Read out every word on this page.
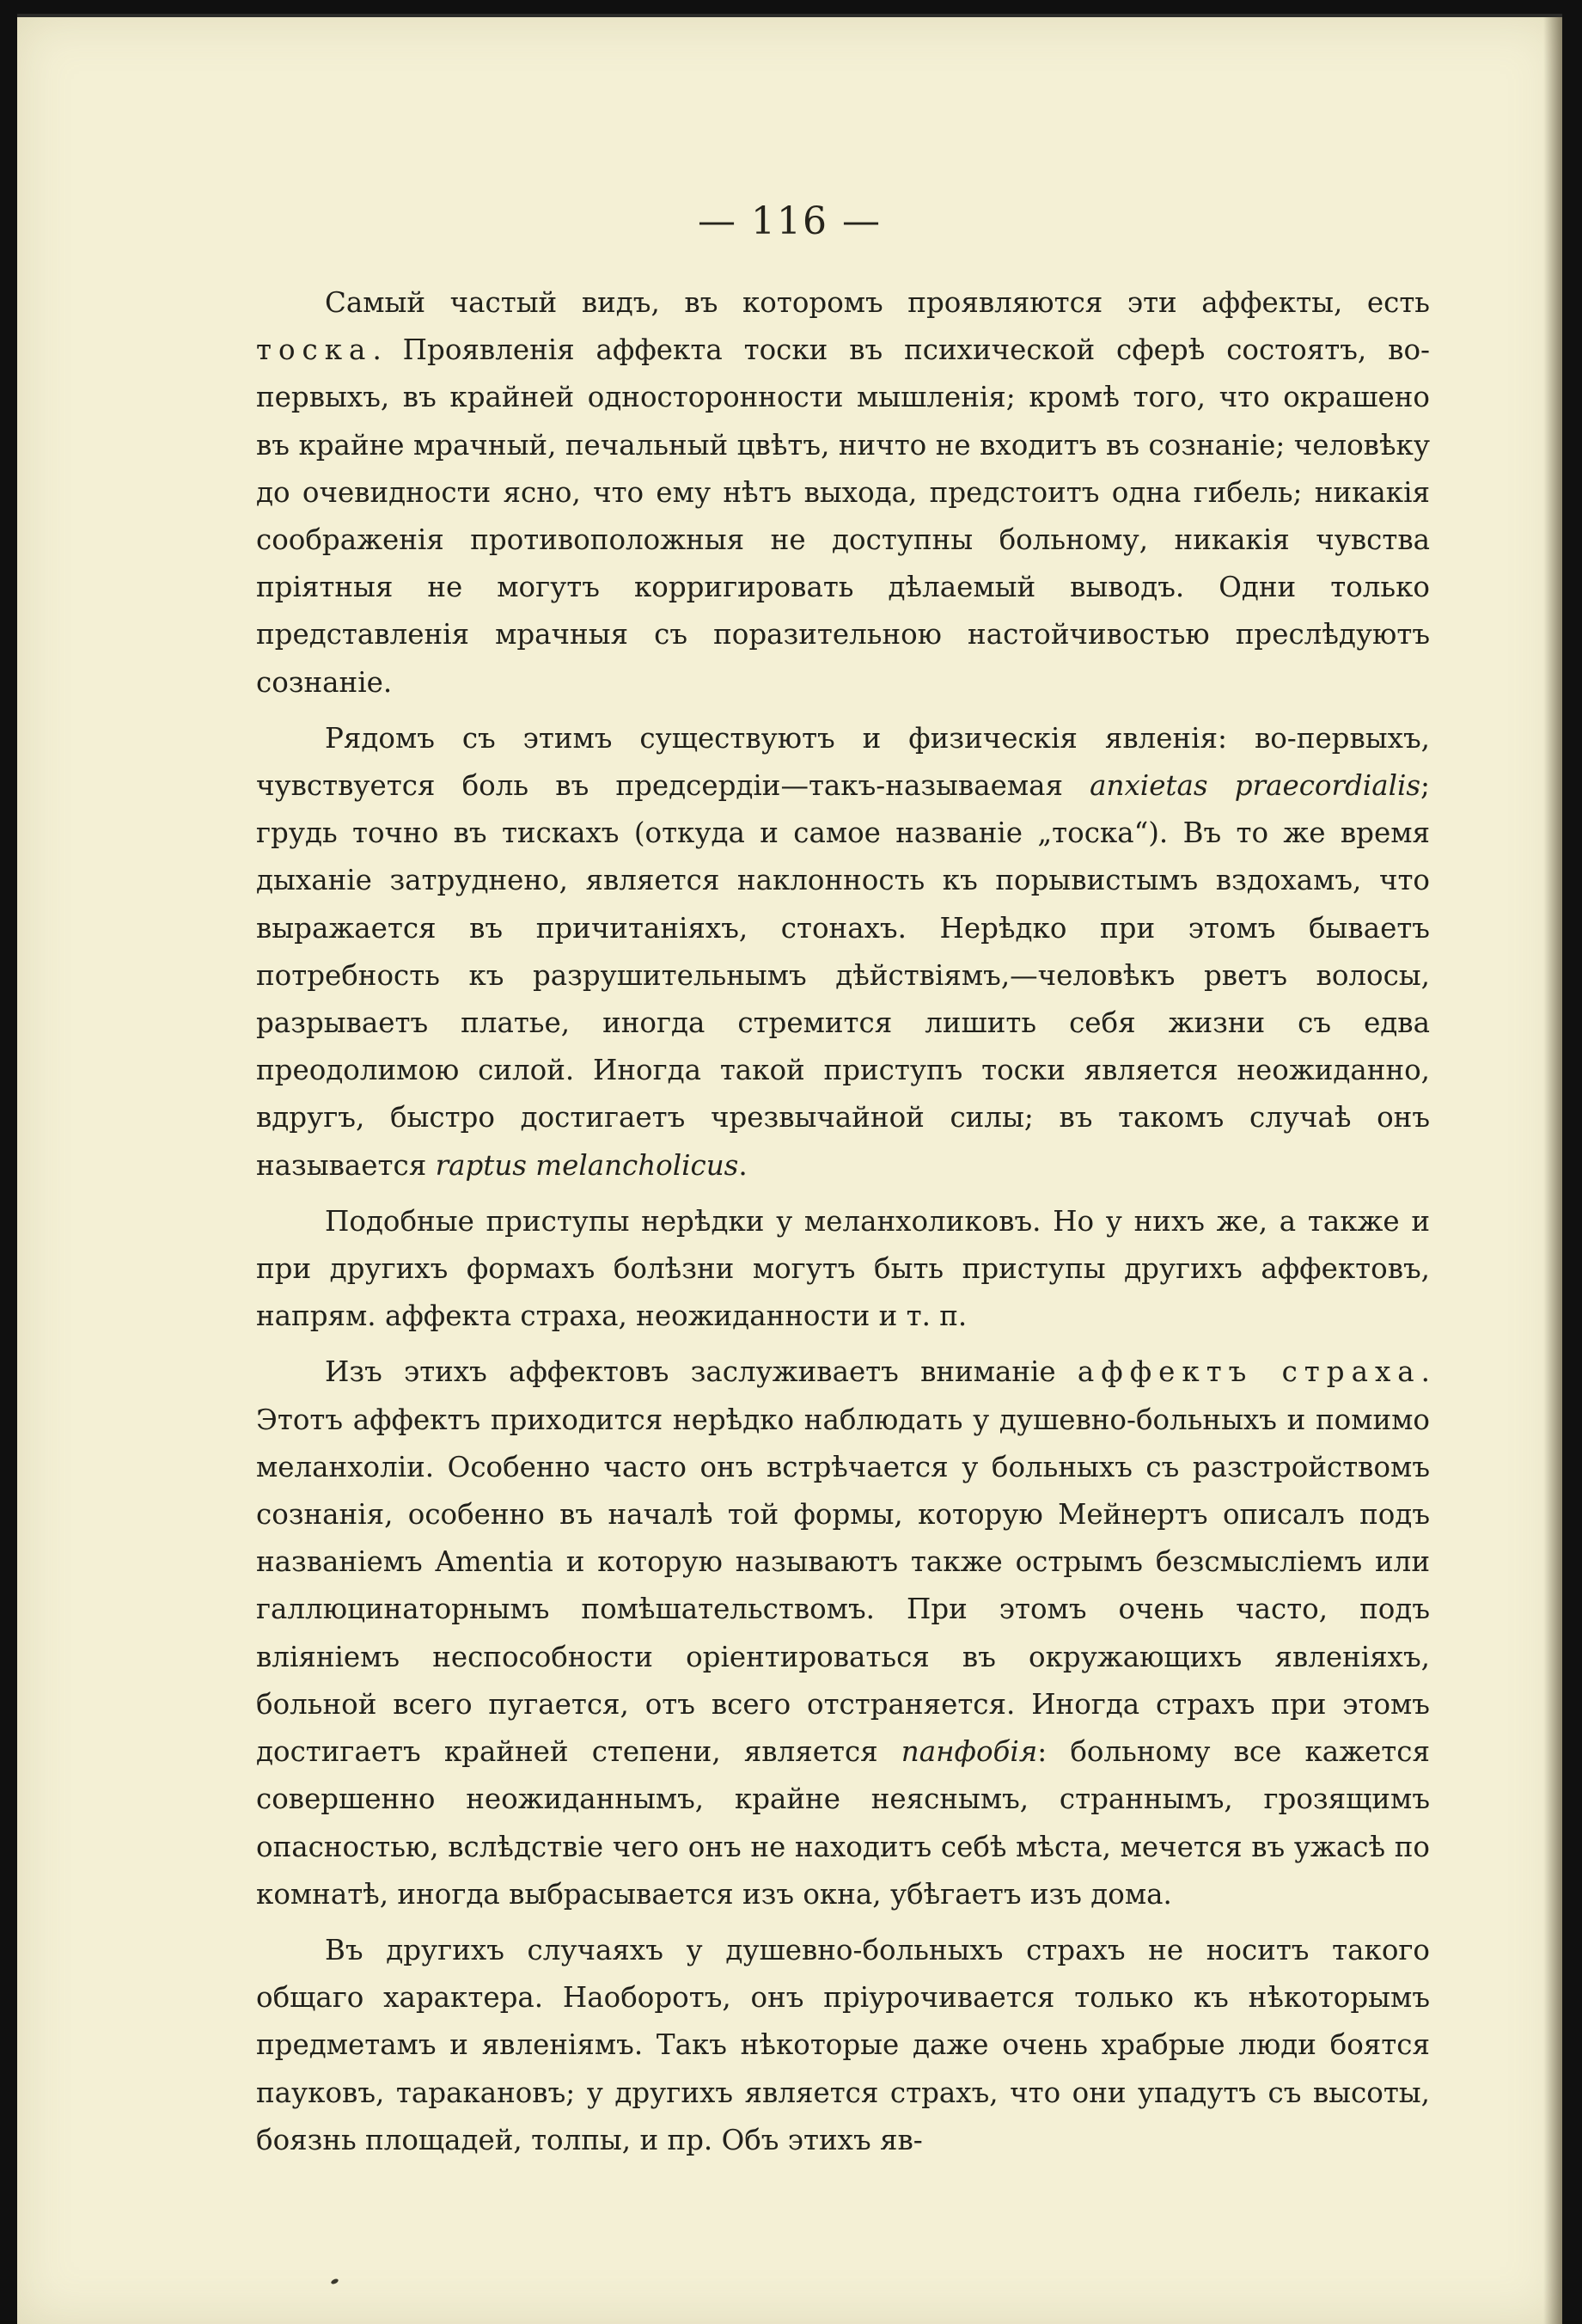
— 116 —

Самый частый видъ, въ которомъ проявляются эти аффекты, есть тоска. Проявленія аффекта тоски въ психической сферѣ состоятъ, во-первыхъ, въ крайней односторонности мышленія; кромѣ того, что окрашено въ крайне мрачный, печальный цвѣтъ, ничто не входитъ въ сознаніе; человѣку до очевидности ясно, что ему нѣтъ выхода, предстоитъ одна гибель; никакія соображенія противоположныя не доступны больному, никакія чувства пріятныя не могутъ корригировать дѣлаемый выводъ. Одни только представленія мрачныя съ поразительною настойчивостью преслѣдуютъ сознаніе.

Рядомъ съ этимъ существуютъ и физическія явленія: во-первыхъ, чувствуется боль въ предсердіи—такъ-называемая anxietas praecordialis; грудь точно въ тискахъ (откуда и самое названіе „тоска“). Въ то же время дыханіе затруднено, является наклонность къ порывистымъ вздохамъ, что выражается въ причитаніяхъ, стонахъ. Нерѣдко при этомъ бываетъ потребность къ разрушительнымъ дѣйствіямъ,—человѣкъ рветъ волосы, разрываетъ платье, иногда стремится лишить себя жизни съ едва преодолимою силой. Иногда такой приступъ тоски является неожиданно, вдругъ, быстро достигаетъ чрезвычайной силы; въ такомъ случаѣ онъ называется raptus melancholicus.

Подобные приступы нерѣдки у меланхоликовъ. Но у нихъ же, а также и при другихъ формахъ болѣзни могутъ быть приступы другихъ аффектовъ, напрям. аффекта страха, неожиданности и т. п.

Изъ этихъ аффектовъ заслуживаетъ вниманіе аффектъ страха. Этотъ аффектъ приходится нерѣдко наблюдать у душевно-больныхъ и помимо меланхоліи. Особенно часто онъ встрѣчается у больныхъ съ разстройствомъ сознанія, особенно въ началѣ той формы, которую Мейнертъ описалъ подъ названіемъ Amentia и которую называютъ также острымъ безсмысліемъ или галлюцинаторнымъ помѣшательствомъ. При этомъ очень часто, подъ вліяніемъ неспособности оріентироваться въ окружающихъ явленіяхъ, больной всего пугается, отъ всего отстраняется. Иногда страхъ при этомъ достигаетъ крайней степени, является панфобія: больному все кажется совершенно неожиданнымъ, крайне неяснымъ, страннымъ, грозящимъ опасностью, вслѣдствіе чего онъ не находитъ себѣ мѣста, мечется въ ужасѣ по комнатѣ, иногда выбрасывается изъ окна, убѣгаетъ изъ дома.

Въ другихъ случаяхъ у душевно-больныхъ страхъ не носитъ такого общаго характера. Наоборотъ, онъ пріурочивается только къ нѣкоторымъ предметамъ и явленіямъ. Такъ нѣкоторые даже очень храбрые люди боятся пауковъ, таракановъ; у другихъ является страхъ, что они упадутъ съ высоты, боязнь площадей, толпы, и пр. Объ этихъ яв-
